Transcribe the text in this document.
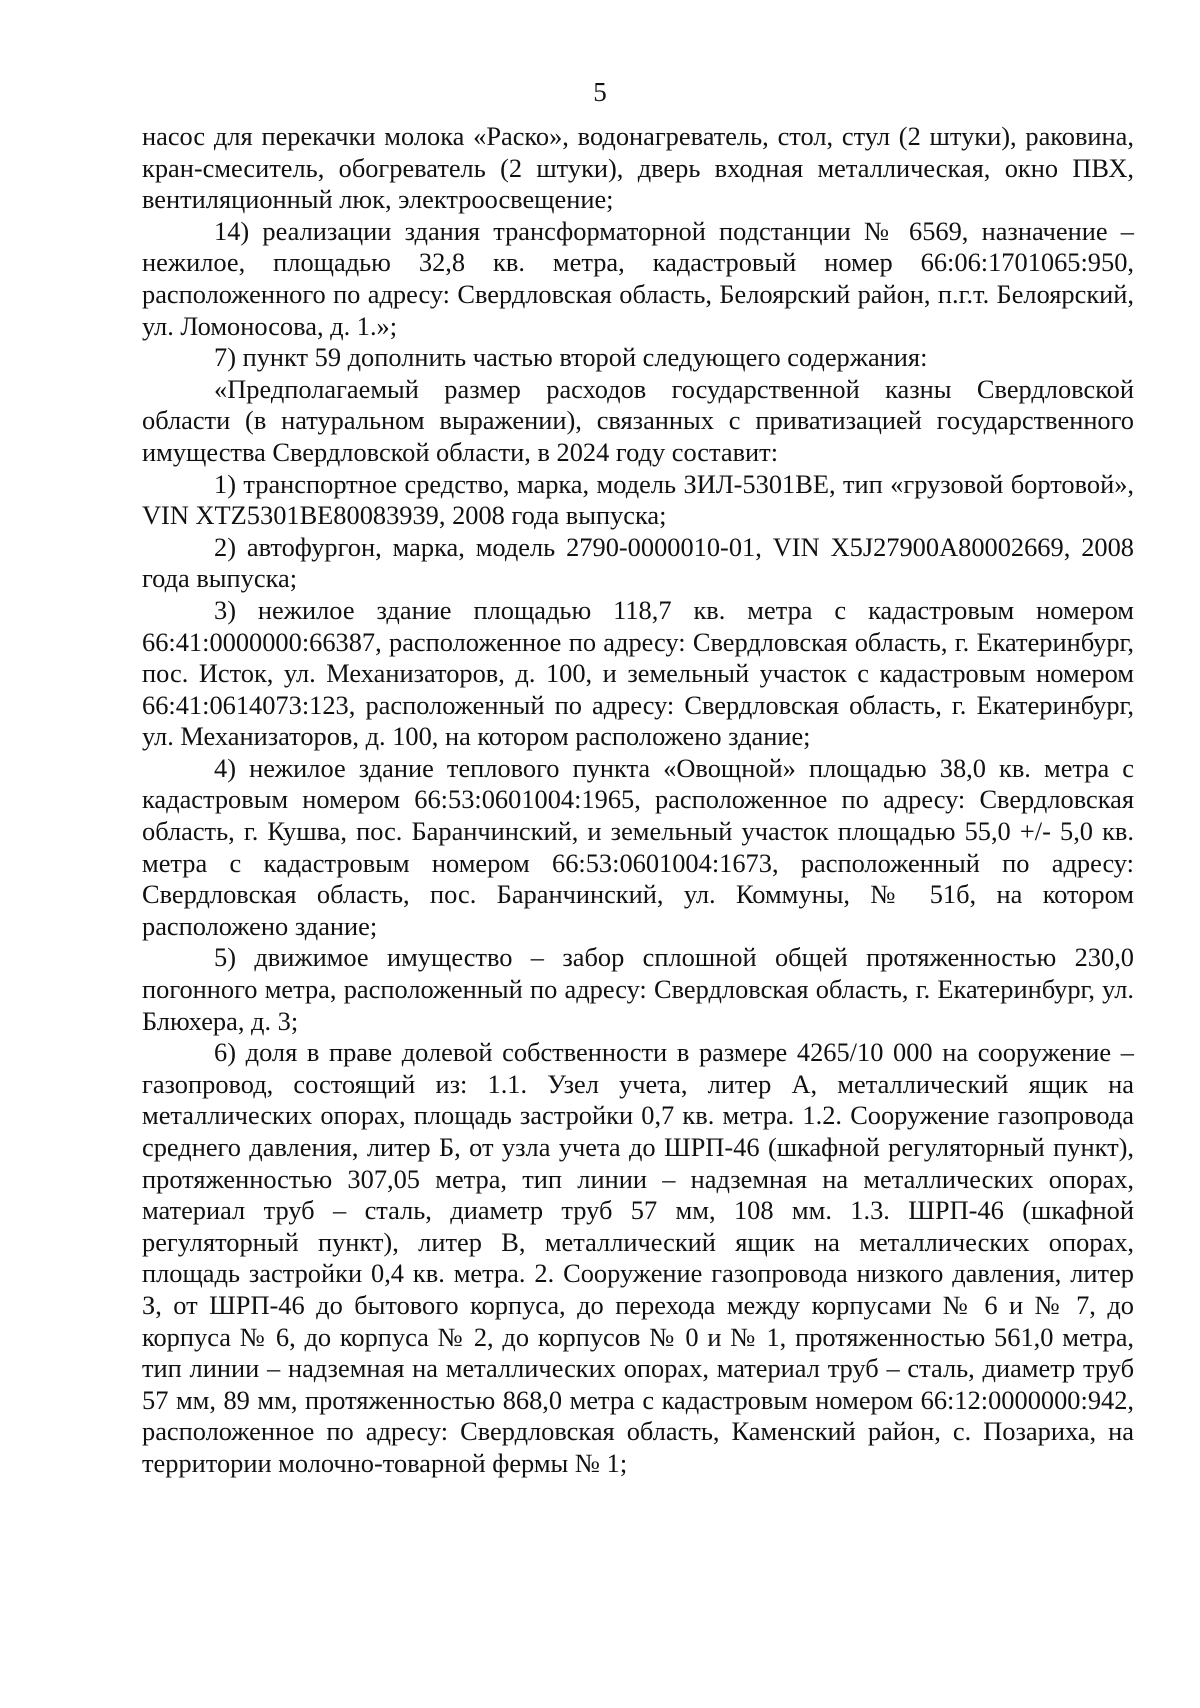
5

насос для перекачки молока «Раско», водонагреватель, стол, стул (2 штуки), раковина, кран-смеситель, обогреватель (2 штуки), дверь входная металлическая, окно ПВХ, вентиляционный люк, электроосвещение;

14) реализации здания трансформаторной подстанции № 6569, назначение – нежилое, площадью 32,8 кв. метра, кадастровый номер 66:06:1701065:950, расположенного по адресу: Свердловская область, Белоярский район, п.г.т. Белоярский, ул. Ломоносова, д. 1.»;

7) пункт 59 дополнить частью второй следующего содержания:

«Предполагаемый размер расходов государственной казны Свердловской области (в натуральном выражении), связанных с приватизацией государственного имущества Свердловской области, в 2024 году составит:

1) транспортное средство, марка, модель ЗИЛ-5301ВЕ, тип «грузовой бортовой», VIN XTZ5301BE80083939, 2008 года выпуска;

2) автофургон, марка, модель 2790-0000010-01, VIN X5J27900A80002669, 2008 года выпуска;

3) нежилое здание площадью 118,7 кв. метра с кадастровым номером 66:41:0000000:66387, расположенное по адресу: Свердловская область, г. Екатеринбург, пос. Исток, ул. Механизаторов, д. 100, и земельный участок с кадастровым номером 66:41:0614073:123, расположенный по адресу: Свердловская область, г. Екатеринбург, ул. Механизаторов, д. 100, на котором расположено здание;

4) нежилое здание теплового пункта «Овощной» площадью 38,0 кв. метра с кадастровым номером 66:53:0601004:1965, расположенное по адресу: Свердловская область, г. Кушва, пос. Баранчинский, и земельный участок площадью 55,0 +/- 5,0 кв. метра с кадастровым номером 66:53:0601004:1673, расположенный по адресу: Свердловская область, пос. Баранчинский, ул. Коммуны, № 51б, на котором расположено здание;

5) движимое имущество – забор сплошной общей протяженностью 230,0 погонного метра, расположенный по адресу: Свердловская область, г. Екатеринбург, ул. Блюхера, д. 3;

6) доля в праве долевой собственности в размере 4265/10 000 на сооружение – газопровод, состоящий из: 1.1. Узел учета, литер А, металлический ящик на металлических опорах, площадь застройки 0,7 кв. метра. 1.2. Сооружение газопровода среднего давления, литер Б, от узла учета до ШРП-46 (шкафной регуляторный пункт), протяженностью 307,05 метра, тип линии – надземная на металлических опорах, материал труб – сталь, диаметр труб 57 мм, 108 мм. 1.3. ШРП-46 (шкафной регуляторный пункт), литер В, металлический ящик на металлических опорах, площадь застройки 0,4 кв. метра. 2. Сооружение газопровода низкого давления, литер З, от ШРП-46 до бытового корпуса, до перехода между корпусами № 6 и № 7, до корпуса № 6, до корпуса № 2, до корпусов № 0 и № 1, протяженностью 561,0 метра, тип линии – надземная на металлических опорах, материал труб – сталь, диаметр труб 57 мм, 89 мм, протяженностью 868,0 метра с кадастровым номером 66:12:0000000:942, расположенное по адресу: Свердловская область, Каменский район, с. Позариха, на территории молочно-товарной фермы № 1;
